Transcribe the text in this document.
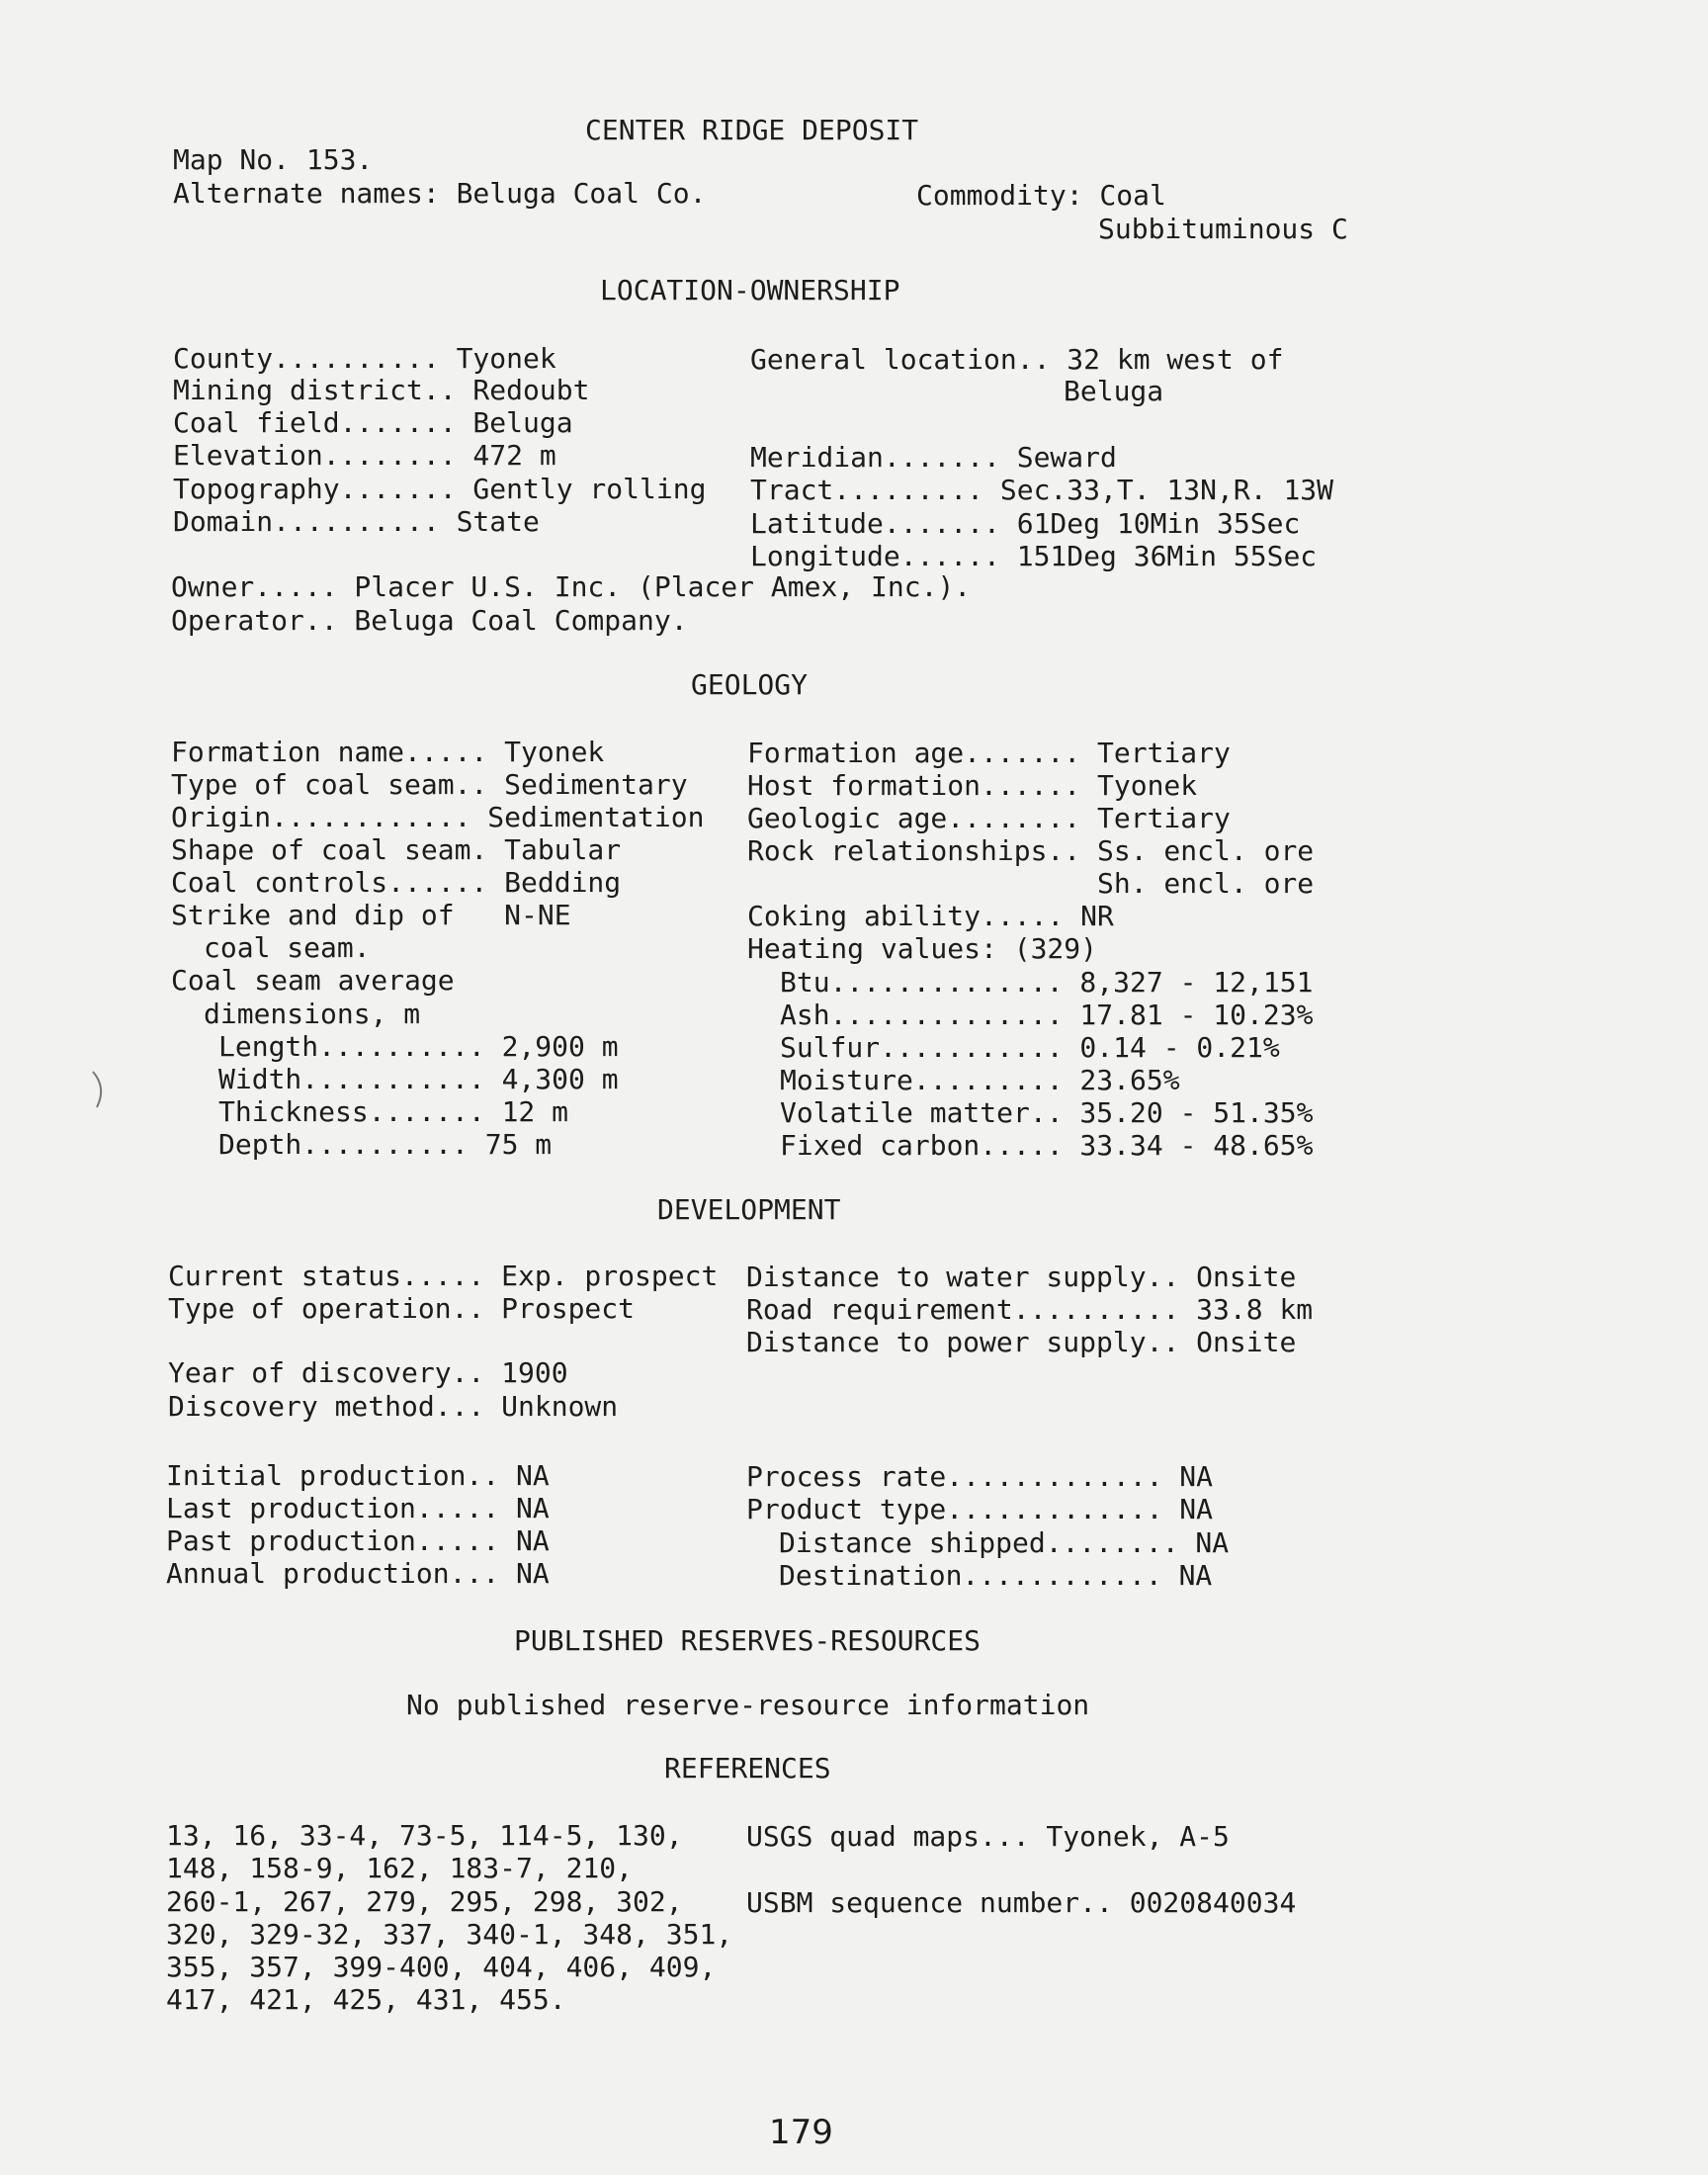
CENTER RIDGE DEPOSIT
Map No. 153.
Alternate names: Beluga Coal Co.	Commodity: Coal
Subbituminous C
LOCATION-OWNERSHIP
County.......... Tyonek
Mining district.. Redoubt
Coal field....... Beluga
Elevation........ 472 m
Topography....... Gently rolling
Domain.......... State
General location.. 32 km west of
Beluga
Meridian....... Seward
Tract......... Sec.33,T. 13N,R. 13W
Latitude....... 61Deg 10Min 35Sec
Longitude...... 151Deg 36Min 55Sec
Owner..... Placer U.S. Inc. (Placer Amex, Inc.).
Operator.. Beluga Coal Company.
GEOLOGY
Formation name..... Tyonek
Type of coal seam.. Sedimentary
Origin............ Sedimentation
Shape of coal seam. Tabular
Coal controls...... Bedding
Strike and dip of   N-NE
coal seam.
Coal seam average
dimensions, m
Length.......... 2,900 m
Width........... 4,300 m
Thickness....... 12 m
Depth.......... 75 m
Formation age....... Tertiary
Host formation...... Tyonek
Geologic age........ Tertiary
Rock relationships.. Ss. encl. ore
Sh. encl. ore
Coking ability..... NR
Heating values: (329)
Btu.............. 8,327 - 12,151
Ash.............. 17.81 - 10.23%
Sulfur........... 0.14 - 0.21%
Moisture......... 23.65%
Volatile matter.. 35.20 - 51.35%
Fixed carbon..... 33.34 - 48.65%
DEVELOPMENT
Current status..... Exp. prospect
Type of operation.. Prospect
Year of discovery.. 1900
Discovery method... Unknown
Distance to water supply.. Onsite
Road requirement.......... 33.8 km
Distance to power supply.. Onsite
Initial production.. NA
Last production..... NA
Past production..... NA
Annual production... NA
Process rate............. NA
Product type............. NA
Distance shipped........ NA
Destination............ NA
PUBLISHED RESERVES-RESOURCES
No published reserve-resource information
REFERENCES
13, 16, 33-4, 73-5, 114-5, 130,
148, 158-9, 162, 183-7, 210,
260-1, 267, 279, 295, 298, 302,
320, 329-32, 337, 340-1, 348, 351,
355, 357, 399-400, 404, 406, 409,
417, 421, 425, 431, 455.
USGS quad maps... Tyonek, A-5
USBM sequence number.. 0020840034
179
